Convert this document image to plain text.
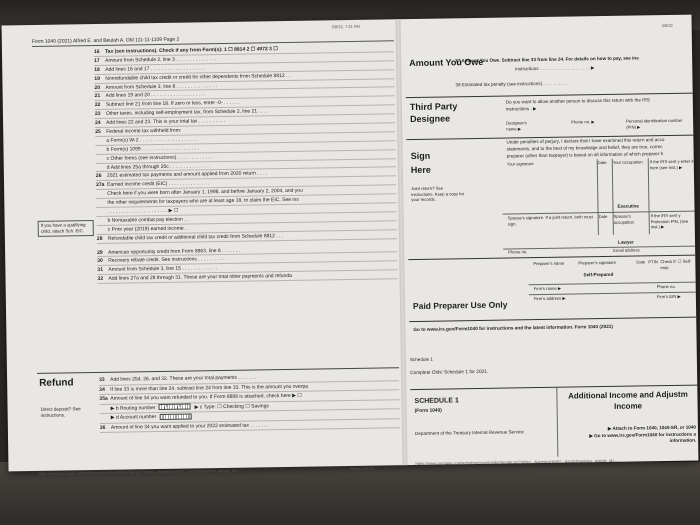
3/8/22, 7:31 PM	3/8/22
Form 1040 (2021) Alfred E. and Beulah A. Old 111-11-1109 Page 2
16 Tax (see instructions). Check if any from Form(s): 1 ☐ 8814 2 ☐ 4972 3 ☐
17 Amount from Schedule 2, line 3 . . . . . . . . . . . . . . .
18 Add lines 16 and 17 . . . . . . . . . . . . . . . . . . . .
19 Nonrefundable child tax credit or credit for other dependents from Schedule 8812 . .
20 Amount from Schedule 3, line 8 . . . . . . . . . . . . . . .
21 Add lines 19 and 20 . . . . . . . . . . . . . . . . . . . .
22 Subtract line 21 from line 18. If zero or less, enter -0- . . . . . .
23 Other taxes, including self-employment tax, from Schedule 2, line 21 . . . .
24 Add lines 22 and 23. This is your total tax . . . . . . . . . .
25 Federal income tax withheld from:
a Form(s) W-2 . . . . . . . . . . . . . . . . . . . . .
b Form(s) 1099 . . . . . . . . . . . . . . . . . . . . .
c Other forms (see instructions) . . . . . . . . . . . . .
d Add lines 25a through 25c . . . . . . . . . . . . . . .
26 2021 estimated tax payments and amount applied from 2020 return . . . .
27a Earned income credit (EIC) . . . . . . . . . . . . . . .
Check here if you were born after January 1, 1998, and before January 2, 2004, and you
the other requirements for taxpayers who are at least age 18, to claim the EIC. See ins
. . . . . . . . . . . . . . . . . . . . . . ▶ ☐
b Nontaxable combat pay election . .
c Prior year (2019) earned income . .
28 Refundable child tax credit or additional child tax credit from Schedule 8812 . . .
29 American opportunity credit from Form 8863, line 8 . . . . . . .
30 Recovery rebate credit. See instructions . . . . . . . . . .
31 Amount from Schedule 3, line 15 . . . . . . . . . . . . .
32 Add lines 27a and 28 through 31. These are your total other payments and refunda
If you have a qualifying child, attach Sch. EIC.
Refund
Direct deposit? See instructions.
33 Add lines 25d, 26, and 32. These are your total payments . . . . . . .
34 If line 33 is more than line 24, subtract line 24 from line 33. This is the amount you overpa
35a Amount of line 34 you want refunded to you. If Form 8888 is attached, check here ▶ ☐
▶ b Routing number	▶ c Type: ☐ Checking ☐ Savings
▶ d Account number
36 Amount of line 34 you want applied to your 2022 estimated tax . . . . . . .
https://www.cengage.com/activityservice/render/render.jsp?slide=...&agencontent=...&activityservice_activity_id=...	Page 4 of 10
Amount You Owe
37 Amount You Owe. Subtract line 33 from line 24. For details on how to pay, see ins
instructions . . . . . . . . . . . . . . . . . . . . ▶
38 Estimated tax penalty (see instructions) . . . . . . . . . .
Third Party Designee
Do you want to allow another person to discuss this return with the IRS
instructions . ▶
Designee's name ▶
Phone no. ▶	Personal identification number (PIN) ▶
Sign Here
Under penalties of perjury, I declare that I have examined this return and acco
statements, and to the best of my knowledge and belief, they are true, correc
preparer (other than taxpayer) is based on all information of which preparer h
Your signature	Date Your occupation	If the IRS sent y enter it here (see inst.) ▶
Joint return? See instructions. Keep a copy for your records.
Executive
Spouse's signature. If a joint return, both must sign.
Date Spouse's occupation
If the IRS sent y Protection PIN, (see inst.) ▶
Lawyer
Phone no.	Email address
Preparer's name	Preparer's signature	Date PTIN Check if: ☐ Self-emp
Self-Prepared
Paid Preparer Use Only
Firm's name ▶	Phone no.
Firm's address ▶	Firm's EIN ▶
Go to www.irs.gov/Form1040 for instructions and the latest information. Form 1040 (2021)
Schedule 1
Complete Olds' Schedule 1 for 2021.
SCHEDULE 1
(Form 1040)
Additional Income and Adjustm Income
Department of the Treasury Internal Revenue Service
▶ Attach to Form 1040, 1040-SR, or 1040
▶ Go to www.irs.gov/Form1040 for instructions a
information.
https://www.cengage.com/activityservice/render/render.jsp?slide=...&agencontent=...&activityservice_activity_id=...
